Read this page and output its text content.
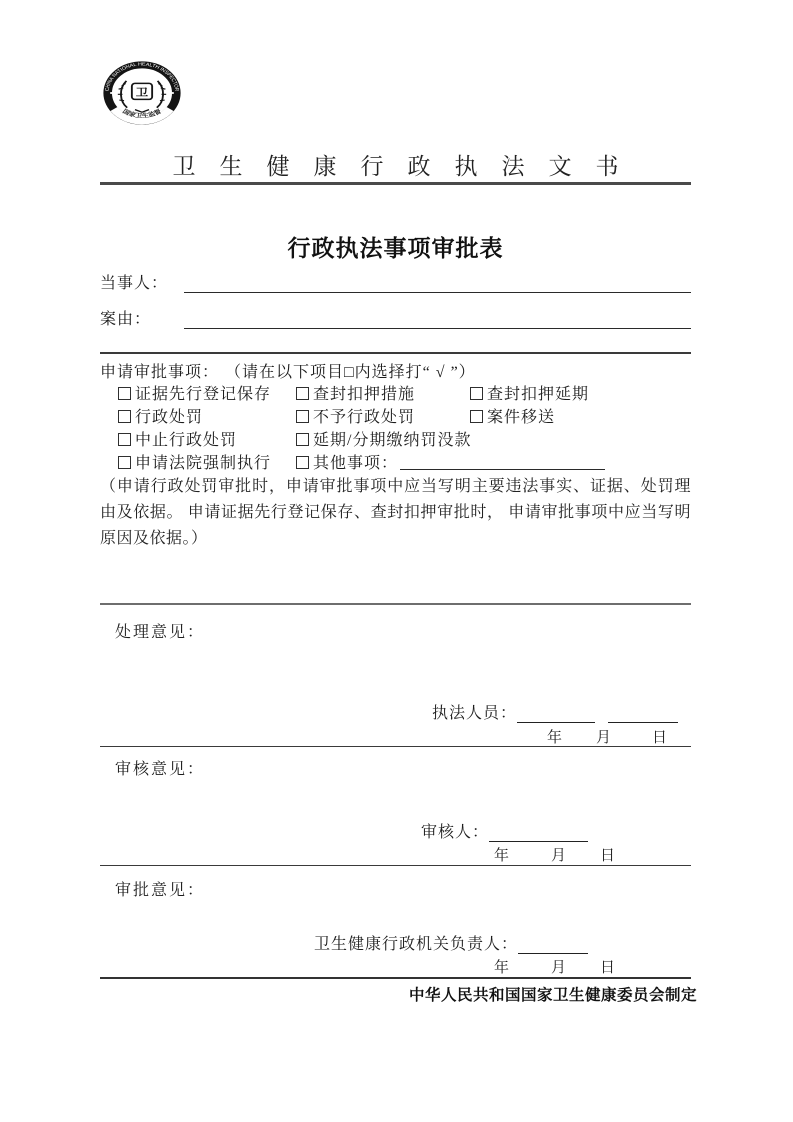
CHINA NATIONAL HEALTH INSPECTOR
国家卫生监督
卫
卫生健康行政执法文书
行政执法事项审批表
当事人：
案由：
申请审批事项： （请在以下项目□内选择打“ √ ”）
证据先行登记保存	查封扣押措施	查封扣押延期
行政处罚	不予行政处罚	案件移送
中止行政处罚	延期/分期缴纳罚没款
申请法院强制执行	其他事项：
（申请行政处罚审批时，申请审批事项中应当写明主要违法事实、证据、处罚理由及依据。 申请证据先行登记保存、查封扣押审批时， 申请审批事项中应当写明原因及依据。）
处理意见：
审核意见：
审批意见：
执法人员：
年 月	日
审核人：
年	月 日
卫生健康行政机关负责人：
年	月 日
中华人民共和国国家卫生健康委员会制定
